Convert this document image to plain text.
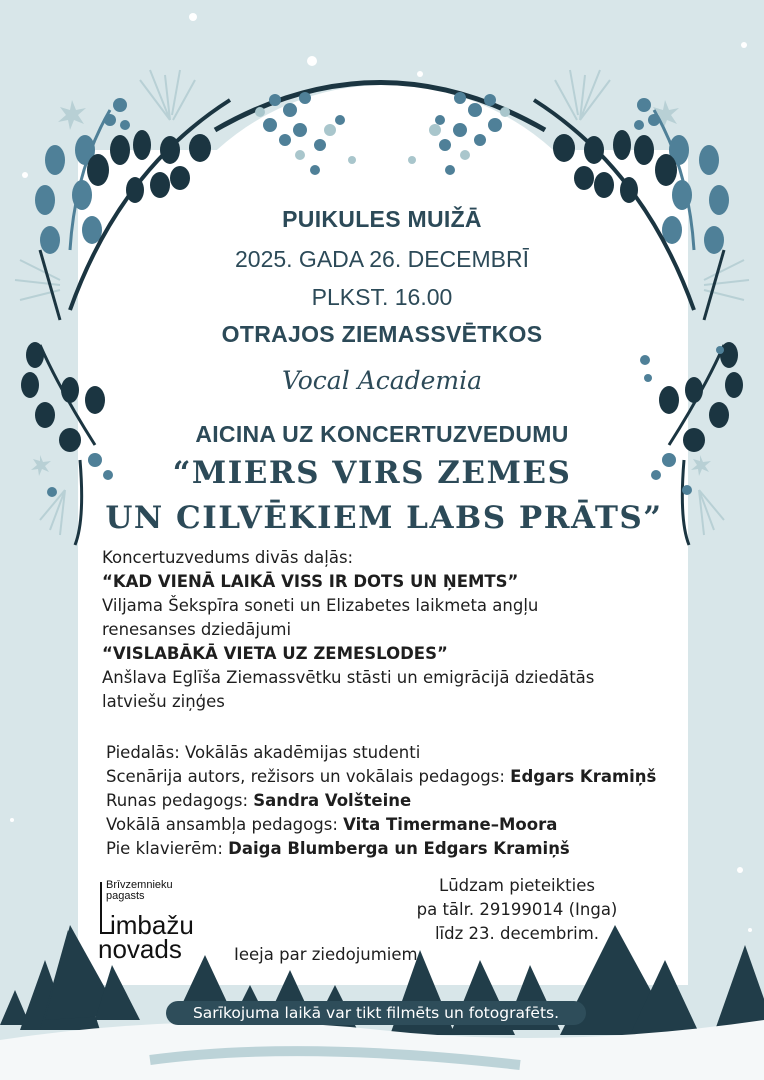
PUIKULES MUIŽĀ
2025. GADA 26. DECEMBRĪ
PLKST. 16.00
OTRAJOS ZIEMASSVĒTKOS
Vocal Academia
AICINA UZ KONCERTUZVEDUMU
“MIERS VIRS ZEMES
UN CILVĒKIEM LABS PRĀTS”
Koncertuzvedums divās daļās:
“KAD VIENĀ LAIKĀ VISS IR DOTS UN ŅEMTS”
Viljama Šekspīra soneti un Elizabetes laikmeta angļu
renesanses dziedājumi
“VISLABĀKĀ VIETA UZ ZEMESLODES”
Anšlava Eglīša Ziemassvētku stāsti un emigrācijā dziedātās
latviešu ziņģes
Piedalās: Vokālās akadēmijas studenti
Scenārija autors, režisors un vokālais pedagogs: Edgars Kramiņš
Runas pedagogs: Sandra Volšteine
Vokālā ansambļa pedagogs: Vita Timermane–Moora
Pie klavierēm: Daiga Blumberga un Edgars Kramiņš
Brīvzemnieku
pagasts
imbažu
novads	Ieeja par ziedojumiem
Lūdzam pieteikties
pa tālr. 29199014 (Inga)
līdz 23. decembrim.
Sarīkojuma laikā var tikt filmēts un fotografēts.
